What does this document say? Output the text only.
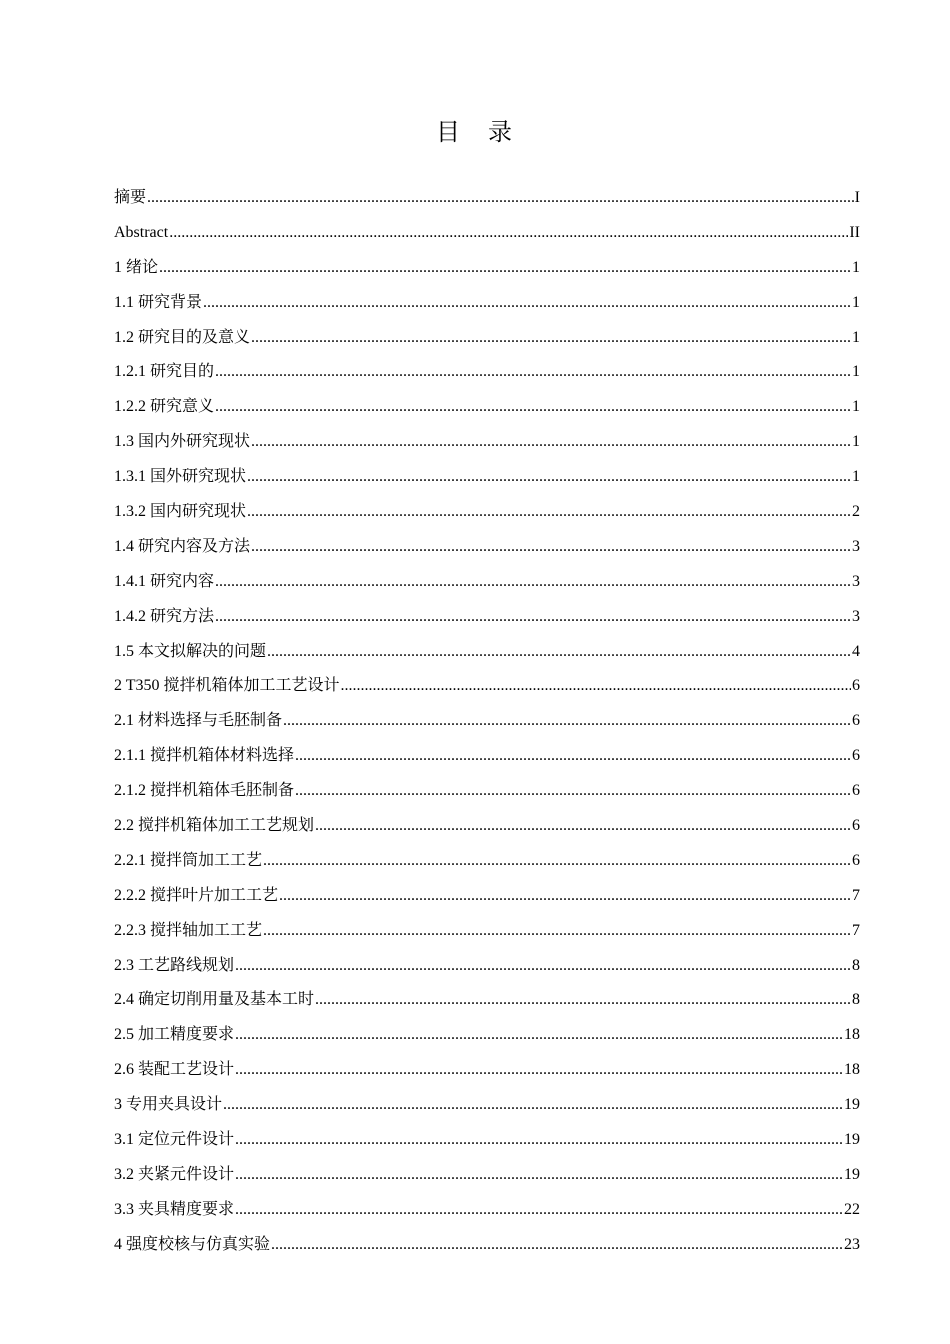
目　录
摘要 .....	I
Abstract .....	II
1 绪论 .....	1
1.1 研究背景 .....	1
1.2 研究目的及意义 .....	1
1.2.1 研究目的 .....	1
1.2.2 研究意义 .....	1
1.3 国内外研究现状 .....	1
1.3.1 国外研究现状 .....	1
1.3.2 国内研究现状 .....	2
1.4 研究内容及方法 .....	3
1.4.1 研究内容 .....	3
1.4.2 研究方法 .....	3
1.5 本文拟解决的问题 .....	4
2 T350 搅拌机箱体加工工艺设计 .....	6
2.1 材料选择与毛胚制备 .....	6
2.1.1 搅拌机箱体材料选择 .....	6
2.1.2 搅拌机箱体毛胚制备 .....	6
2.2 搅拌机箱体加工工艺规划 .....	6
2.2.1 搅拌筒加工工艺 .....	6
2.2.2 搅拌叶片加工工艺 .....	7
2.2.3 搅拌轴加工工艺 .....	7
2.3 工艺路线规划 .....	8
2.4 确定切削用量及基本工时 .....	8
2.5 加工精度要求 .....	18
2.6 装配工艺设计 .....	18
3 专用夹具设计 .....	19
3.1 定位元件设计 .....	19
3.2 夹紧元件设计 .....	19
3.3 夹具精度要求 .....	22
4 强度校核与仿真实验 .....	23
